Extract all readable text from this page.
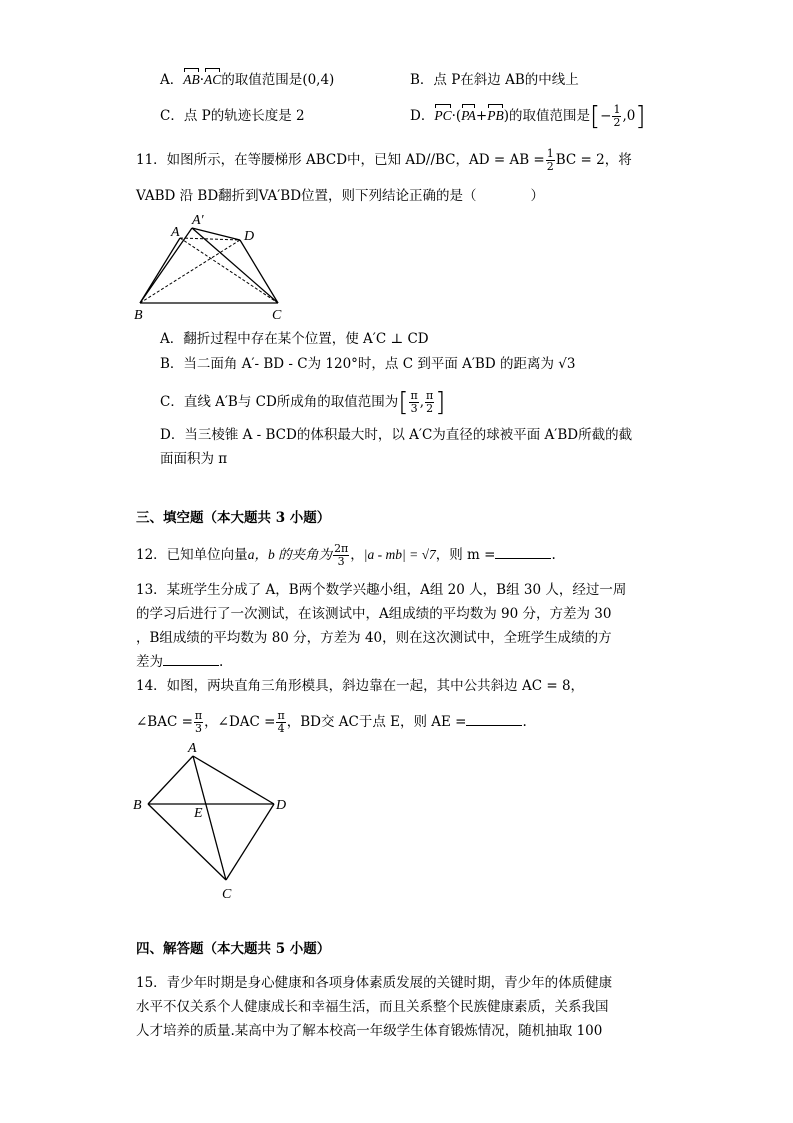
A．AB·AC的取值范围是(0,4)	B．点 P在斜边 AB的中线上
C．点 P的轨迹长度是 2	D．PC·(PA+PB)的取值范围是[− $\frac{1}{2} ,0$]
11．如图所示，在等腰梯形 ABCD中，已知 AD//BC，AD = AB = $\frac{1}{2}$ BC = 2，将
VABD 沿 BD翻折到VA′BD位置，则下列结论正确的是（　　　　）
A
A′
D
B	C
A．翻折过程中存在某个位置，使 A′C ⊥ CD
B．当二面角 A′- BD - C为 120°时，点 C 到平面 A′BD 的距离为 √3
C．直线 A′B与 CD所成角的取值范围为[ $\frac{\pi}{3}$ , $\frac{\pi}{2}$ ]
D．当三棱锥 A - BCD的体积最大时，以 A′C为直径的球被平面 A′BD所截的截
面面积为 π
三、填空题（本大题共 3 小题）
12．已知单位向量a，b 的夹角为 $\frac{2\pi}{3}$ ，|a - mb| = √7，则 m =	.
13．某班学生分成了 A，B两个数学兴趣小组，A组 20 人，B组 30 人，经过一周
的学习后进行了一次测试，在该测试中，A组成绩的平均数为 90 分，方差为 30
，B组成绩的平均数为 80 分，方差为 40，则在这次测试中，全班学生成绩的方
差为	.
14．如图，两块直角三角形模具，斜边靠在一起，其中公共斜边 AC = 8，
∠BAC = $\frac{\pi}{3}$ ，∠DAC = $\frac{\pi}{4}$ ，BD交 AC于点 E，则 AE =	.
A
B	D
E
C
四、解答题（本大题共 5 小题）
15．青少年时期是身心健康和各项身体素质发展的关键时期，青少年的体质健康
水平不仅关系个人健康成长和幸福生活，而且关系整个民族健康素质，关系我国
人才培养的质量.某高中为了解本校高一年级学生体育锻炼情况，随机抽取 100
